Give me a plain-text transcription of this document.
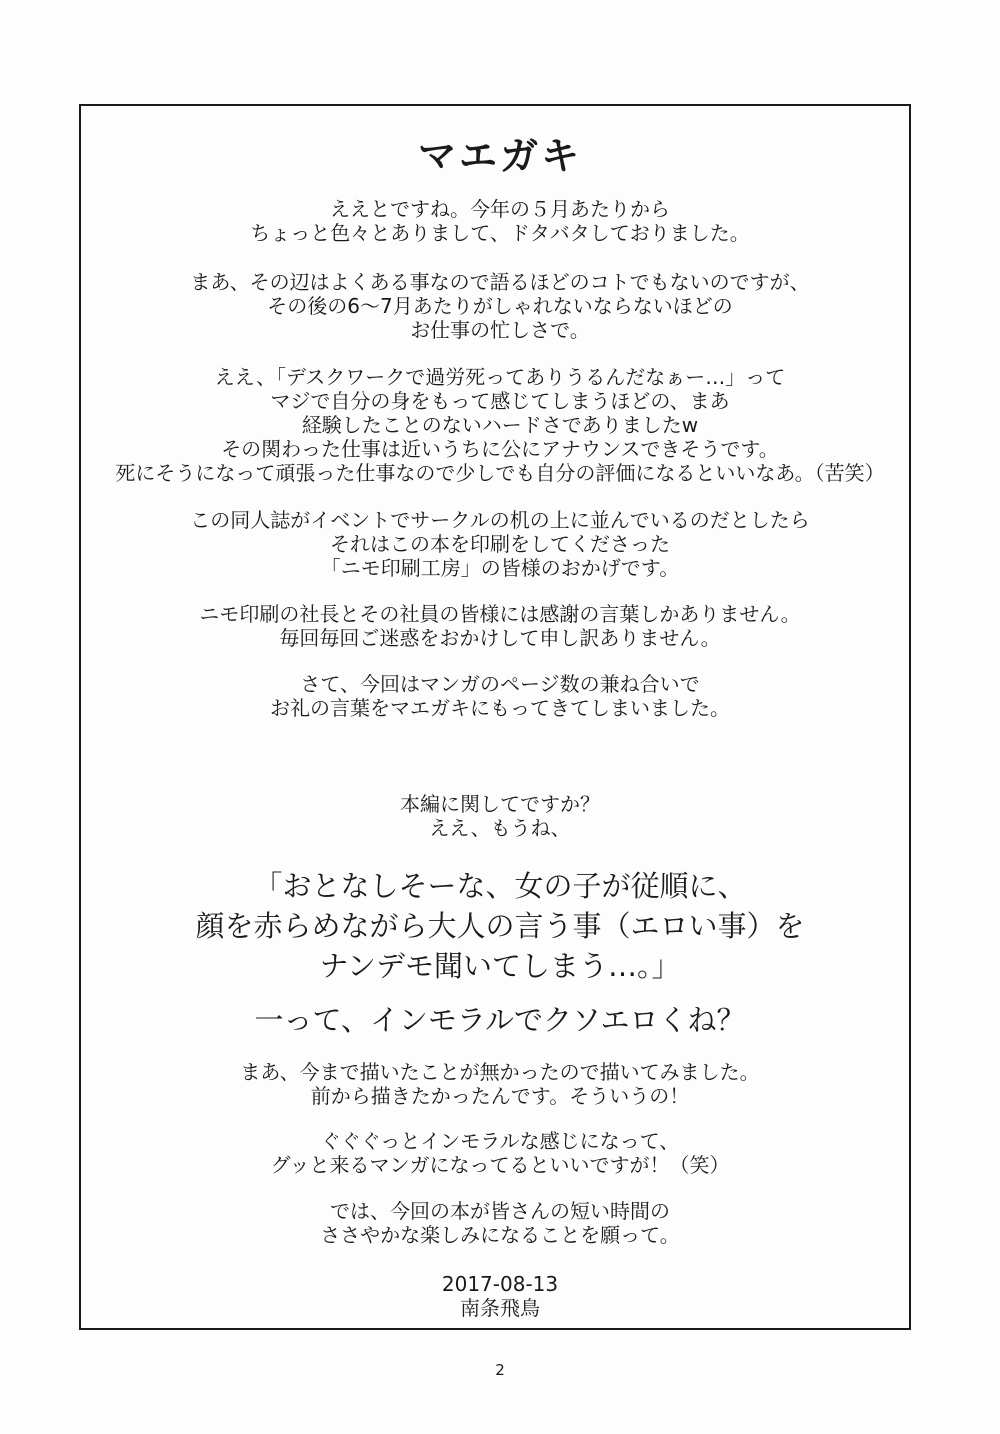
マエガキ
ええとですね。今年の５月あたりから
ちょっと色々とありまして、ドタバタしておりました。
まあ、その辺はよくある事なので語るほどのコトでもないのですが、
その後の6～7月あたりがしゃれないならないほどの
お仕事の忙しさで。
ええ、「デスクワークで過労死ってありうるんだなぁー…」って
マジで自分の身をもって感じてしまうほどの、まあ
経験したことのないハードさでありましたw
その関わった仕事は近いうちに公にアナウンスできそうです。
死にそうになって頑張った仕事なので少しでも自分の評価になるといいなあ。（苦笑）
この同人誌がイベントでサークルの机の上に並んでいるのだとしたら
それはこの本を印刷をしてくださった
「ニモ印刷工房」の皆様のおかげです。
ニモ印刷の社長とその社員の皆様には感謝の言葉しかありません。
毎回毎回ご迷惑をおかけして申し訳ありません。
さて、今回はマンガのページ数の兼ね合いで
お礼の言葉をマエガキにもってきてしまいました。
本編に関してですか？
ええ、もうね、
「おとなしそーな、女の子が従順に、
顔を赤らめながら大人の言う事（エロい事）を
ナンデモ聞いてしまう…。」
一って、インモラルでクソエロくね？
まあ、今まで描いたことが無かったので描いてみました。
前から描きたかったんです。そういうの！
ぐぐぐっとインモラルな感じになって、
グッと来るマンガになってるといいですが！（笑）
では、今回の本が皆さんの短い時間の
ささやかな楽しみになることを願って。
2017-08-13
南条飛鳥
2
